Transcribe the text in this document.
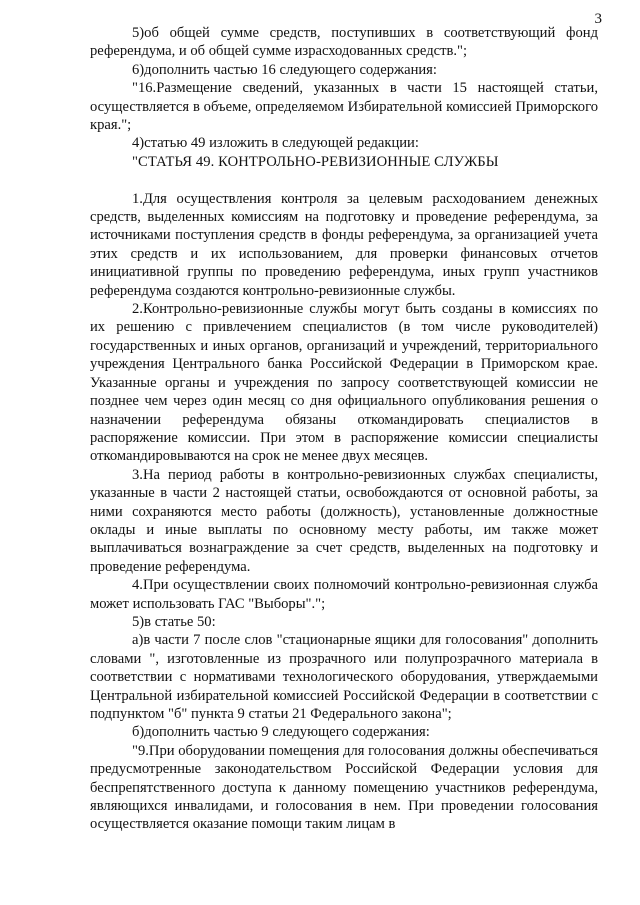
3

5)об общей сумме средств, поступивших в соответствующий фонд референдума, и об общей сумме израсходованных средств.";

6)дополнить частью 16 следующего содержания:

"16.Размещение сведений, указанных в части 15 настоящей статьи, осуществляется в объеме, определяемом Избирательной комиссией Приморского края.";

4)статью 49 изложить в следующей редакции:

"СТАТЬЯ 49. КОНТРОЛЬНО-РЕВИЗИОННЫЕ СЛУЖБЫ

1.Для осуществления контроля за целевым расходованием денежных средств, выделенных комиссиям на подготовку и проведение референдума, за источниками поступления средств в фонды референдума, за организацией учета этих средств и их использованием, для проверки финансовых отчетов инициативной группы по проведению референдума, иных групп участников референдума создаются контрольно-ревизионные службы.

2.Контрольно-ревизионные службы могут быть созданы в комиссиях по их решению с привлечением специалистов (в том числе руководителей) государственных и иных органов, организаций и учреждений, территориального учреждения Центрального банка Российской Федерации в Приморском крае. Указанные органы и учреждения по запросу соответствующей комиссии не позднее чем через один месяц со дня официального опубликования решения о назначении референдума обязаны откомандировать специалистов в распоряжение комиссии. При этом в распоряжение комиссии специалисты откомандировываются на срок не менее двух месяцев.

3.На период работы в контрольно-ревизионных службах специалисты, указанные в части 2 настоящей статьи, освобождаются от основной работы, за ними сохраняются место работы (должность), установленные должностные оклады и иные выплаты по основному месту работы, им также может выплачиваться вознаграждение за счет средств, выделенных на подготовку и проведение референдума.

4.При осуществлении своих полномочий контрольно-ревизионная служба может использовать ГАС "Выборы".";

5)в статье 50:

а)в части 7 после слов "стационарные ящики для голосования" дополнить словами ", изготовленные из прозрачного или полупрозрачного материала в соответствии с нормативами технологического оборудования, утверждаемыми Центральной избирательной комиссией Российской Федерации в соответствии с подпунктом "б" пункта 9 статьи 21 Федерального закона";

б)дополнить частью 9 следующего содержания:

"9.При оборудовании помещения для голосования должны обеспечиваться предусмотренные законодательством Российской Федерации условия для беспрепятственного доступа к данному помещению участников референдума, являющихся инвалидами, и голосования в нем. При проведении голосования осуществляется оказание помощи таким лицам в
